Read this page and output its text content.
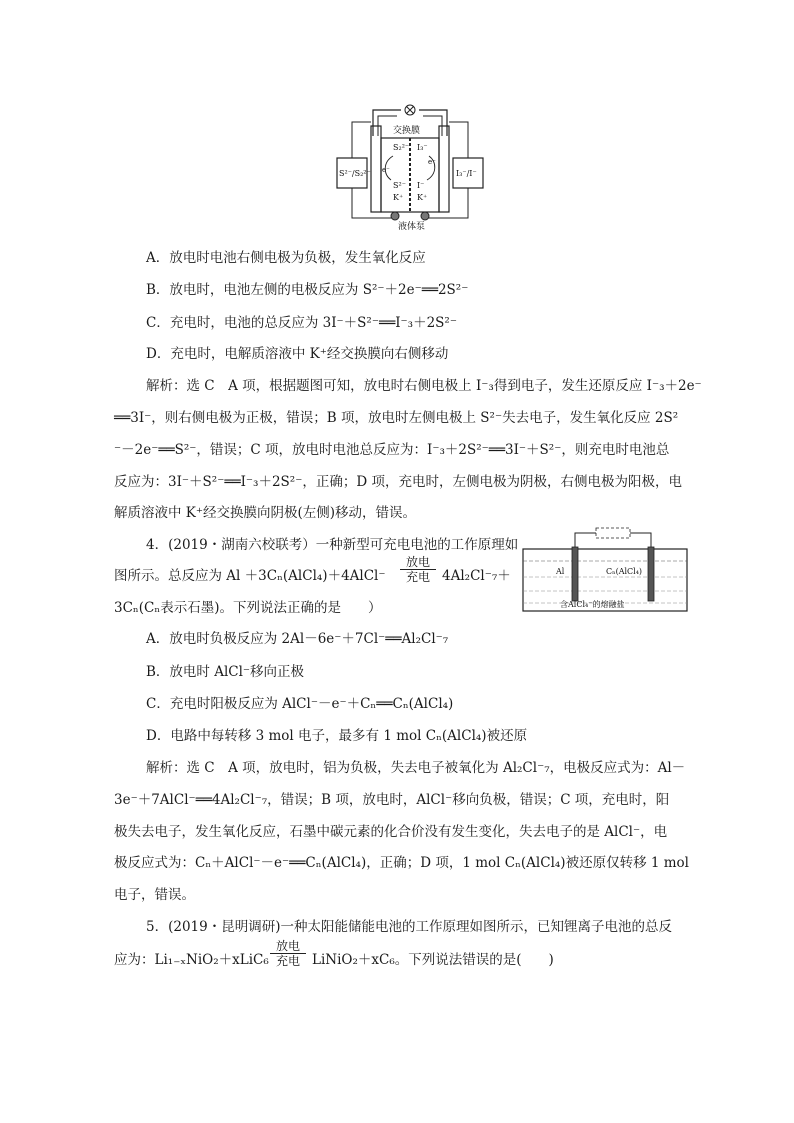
交换膜
S²⁻/S₂²⁻	I₃⁻/I⁻
S₂²⁻
e⁻
S²⁻
K⁺
I₃⁻
e⁻
I⁻
K⁺
液体泵
A．放电时电池右侧电极为负极，发生氧化反应
B．放电时，电池左侧的电极反应为 S²⁻＋2e⁻══2S²⁻
C．充电时，电池的总反应为 3I⁻＋S²⁻══I⁻₃＋2S²⁻
D．充电时，电解质溶液中 K⁺经交换膜向右侧移动
解析：选 C　A 项，根据题图可知，放电时右侧电极上 I⁻₃得到电子，发生还原反应 I⁻₃＋2e⁻
══3I⁻，则右侧电极为正极，错误；B 项，放电时左侧电极上 S²⁻失去电子，发生氧化反应 2S²
⁻－2e⁻══S²⁻，错误；C 项，放电时电池总反应为：I⁻₃＋2S²⁻══3I⁻＋S²⁻，则充电时电池总
反应为：3I⁻＋S²⁻══I⁻₃＋2S²⁻，正确；D 项，充电时，左侧电极为阴极，右侧电极为阳极，电
解质溶液中 K⁺经交换膜向阴极(左侧)移动，错误。
4．(2019・湖南六校联考）一种新型可充电电池的工作原理如
图所示。总反应为 Al ＋3Cₙ(AlCl₄)＋4AlCl⁻
放电
充电 4Al₂Cl⁻₇＋
3Cₙ(Cₙ表示石墨)。下列说法正确的是　　）
Al	Cₙ(AlCl₄)
含AlCl₄⁻的熔融盐
A．放电时负极反应为 2Al－6e⁻＋7Cl⁻══Al₂Cl⁻₇
B．放电时 AlCl⁻移向正极
C．充电时阳极反应为 AlCl⁻－e⁻＋Cₙ══Cₙ(AlCl₄)
D．电路中每转移 3 mol 电子，最多有 1 mol Cₙ(AlCl₄)被还原
解析：选 C　A 项，放电时，铝为负极，失去电子被氧化为 Al₂Cl⁻₇，电极反应式为：Al－
3e⁻＋7AlCl⁻══4Al₂Cl⁻₇，错误；B 项，放电时，AlCl⁻移向负极，错误；C 项，充电时，阳
极失去电子，发生氧化反应，石墨中碳元素的化合价没有发生变化，失去电子的是 AlCl⁻，电
极反应式为：Cₙ＋AlCl⁻－e⁻══Cₙ(AlCl₄)，正确；D 项，1 mol Cₙ(AlCl₄)被还原仅转移 1 mol
电子，错误。
5．(2019・昆明调研)一种太阳能储能电池的工作原理如图所示，已知锂离子电池的总反
应为：Li₁₋ₓNiO₂＋xLiC₆
放电
充电 LiNiO₂＋xC₆。下列说法错误的是(　　)
